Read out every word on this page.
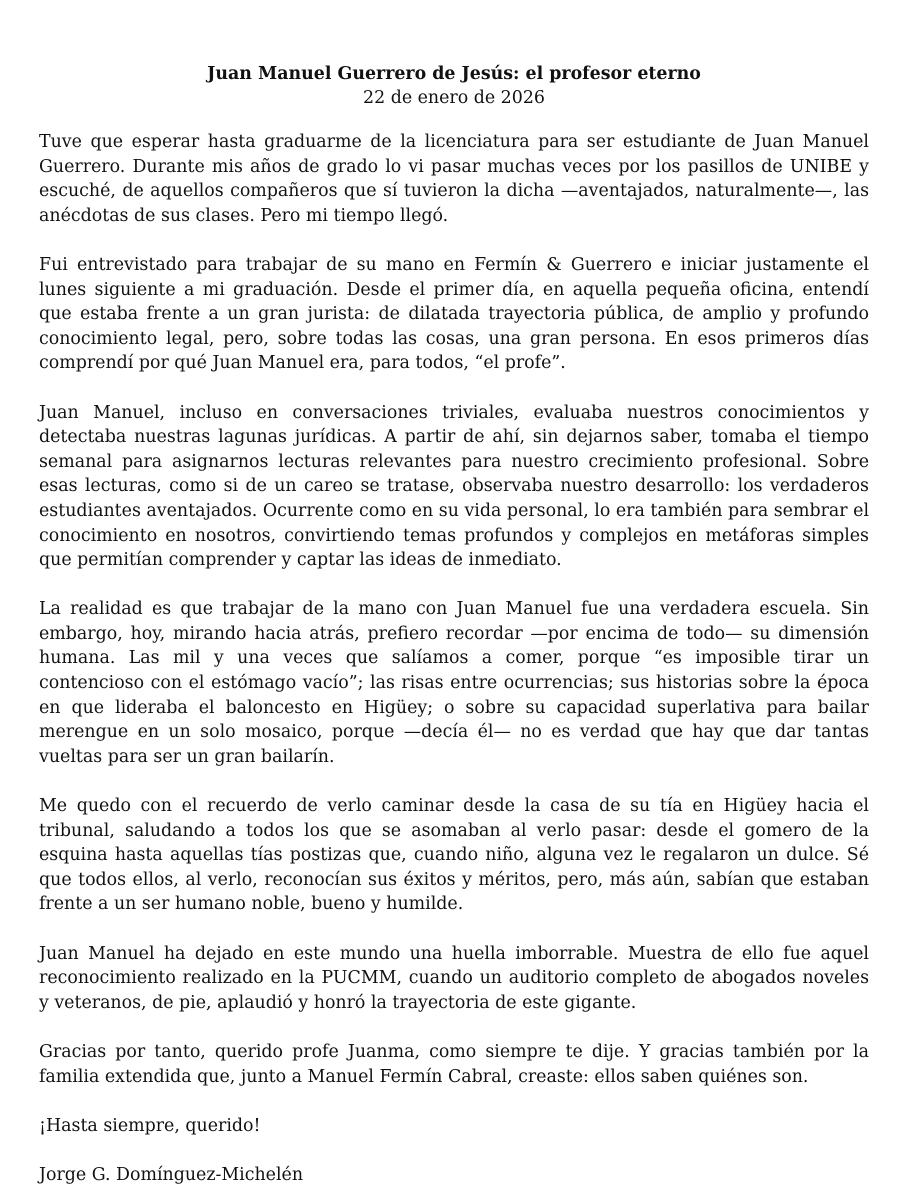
Juan Manuel Guerrero de Jesús: el profesor eterno

22 de enero de 2026

Tuve que esperar hasta graduarme de la licenciatura para ser estudiante de Juan Manuel Guerrero. Durante mis años de grado lo vi pasar muchas veces por los pasillos de UNIBE y escuché, de aquellos compañeros que sí tuvieron la dicha —aventajados, naturalmente—, las anécdotas de sus clases. Pero mi tiempo llegó.

Fui entrevistado para trabajar de su mano en Fermín & Guerrero e iniciar justamente el lunes siguiente a mi graduación. Desde el primer día, en aquella pequeña oficina, entendí que estaba frente a un gran jurista: de dilatada trayectoria pública, de amplio y profundo conocimiento legal, pero, sobre todas las cosas, una gran persona. En esos primeros días comprendí por qué Juan Manuel era, para todos, “el profe”.

Juan Manuel, incluso en conversaciones triviales, evaluaba nuestros conocimientos y detectaba nuestras lagunas jurídicas. A partir de ahí, sin dejarnos saber, tomaba el tiempo semanal para asignarnos lecturas relevantes para nuestro crecimiento profesional. Sobre esas lecturas, como si de un careo se tratase, observaba nuestro desarrollo: los verdaderos estudiantes aventajados. Ocurrente como en su vida personal, lo era también para sembrar el conocimiento en nosotros, convirtiendo temas profundos y complejos en metáforas simples que permitían comprender y captar las ideas de inmediato.

La realidad es que trabajar de la mano con Juan Manuel fue una verdadera escuela. Sin embargo, hoy, mirando hacia atrás, prefiero recordar —por encima de todo— su dimensión humana. Las mil y una veces que salíamos a comer, porque “es imposible tirar un contencioso con el estómago vacío”; las risas entre ocurrencias; sus historias sobre la época en que lideraba el baloncesto en Higüey; o sobre su capacidad superlativa para bailar merengue en un solo mosaico, porque —decía él— no es verdad que hay que dar tantas vueltas para ser un gran bailarín.

Me quedo con el recuerdo de verlo caminar desde la casa de su tía en Higüey hacia el tribunal, saludando a todos los que se asomaban al verlo pasar: desde el gomero de la esquina hasta aquellas tías postizas que, cuando niño, alguna vez le regalaron un dulce. Sé que todos ellos, al verlo, reconocían sus éxitos y méritos, pero, más aún, sabían que estaban frente a un ser humano noble, bueno y humilde.

Juan Manuel ha dejado en este mundo una huella imborrable. Muestra de ello fue aquel reconocimiento realizado en la PUCMM, cuando un auditorio completo de abogados noveles y veteranos, de pie, aplaudió y honró la trayectoria de este gigante.

Gracias por tanto, querido profe Juanma, como siempre te dije. Y gracias también por la familia extendida que, junto a Manuel Fermín Cabral, creaste: ellos saben quiénes son.

¡Hasta siempre, querido!

Jorge G. Domínguez-Michelén
